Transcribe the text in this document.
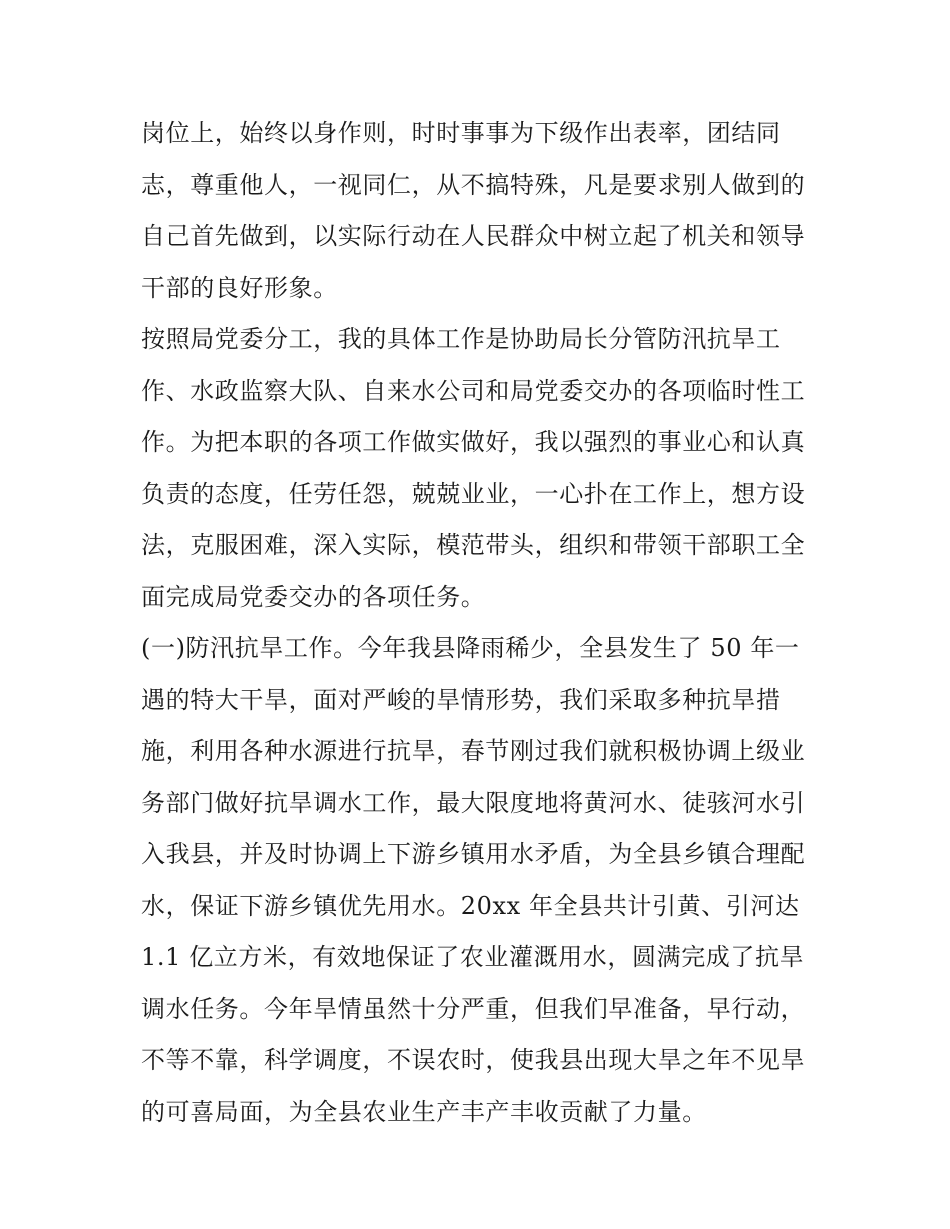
岗位上，始终以身作则，时时事事为下级作出表率，团结同
志，尊重他人，一视同仁，从不搞特殊，凡是要求别人做到的
自己首先做到，以实际行动在人民群众中树立起了机关和领导
干部的良好形象。
按照局党委分工，我的具体工作是协助局长分管防汛抗旱工
作、水政监察大队、自来水公司和局党委交办的各项临时性工
作。为把本职的各项工作做实做好，我以强烈的事业心和认真
负责的态度，任劳任怨，兢兢业业，一心扑在工作上，想方设
法，克服困难，深入实际，模范带头，组织和带领干部职工全
面完成局党委交办的各项任务。
(一)防汛抗旱工作。今年我县降雨稀少，全县发生了 50 年一
遇的特大干旱，面对严峻的旱情形势，我们采取多种抗旱措
施，利用各种水源进行抗旱，春节刚过我们就积极协调上级业
务部门做好抗旱调水工作，最大限度地将黄河水、徒骇河水引
入我县，并及时协调上下游乡镇用水矛盾，为全县乡镇合理配
水，保证下游乡镇优先用水。20xx 年全县共计引黄、引河达
1.1 亿立方米，有效地保证了农业灌溉用水，圆满完成了抗旱
调水任务。今年旱情虽然十分严重，但我们早准备，早行动，
不等不靠，科学调度，不误农时，使我县出现大旱之年不见旱
的可喜局面，为全县农业生产丰产丰收贡献了力量。
